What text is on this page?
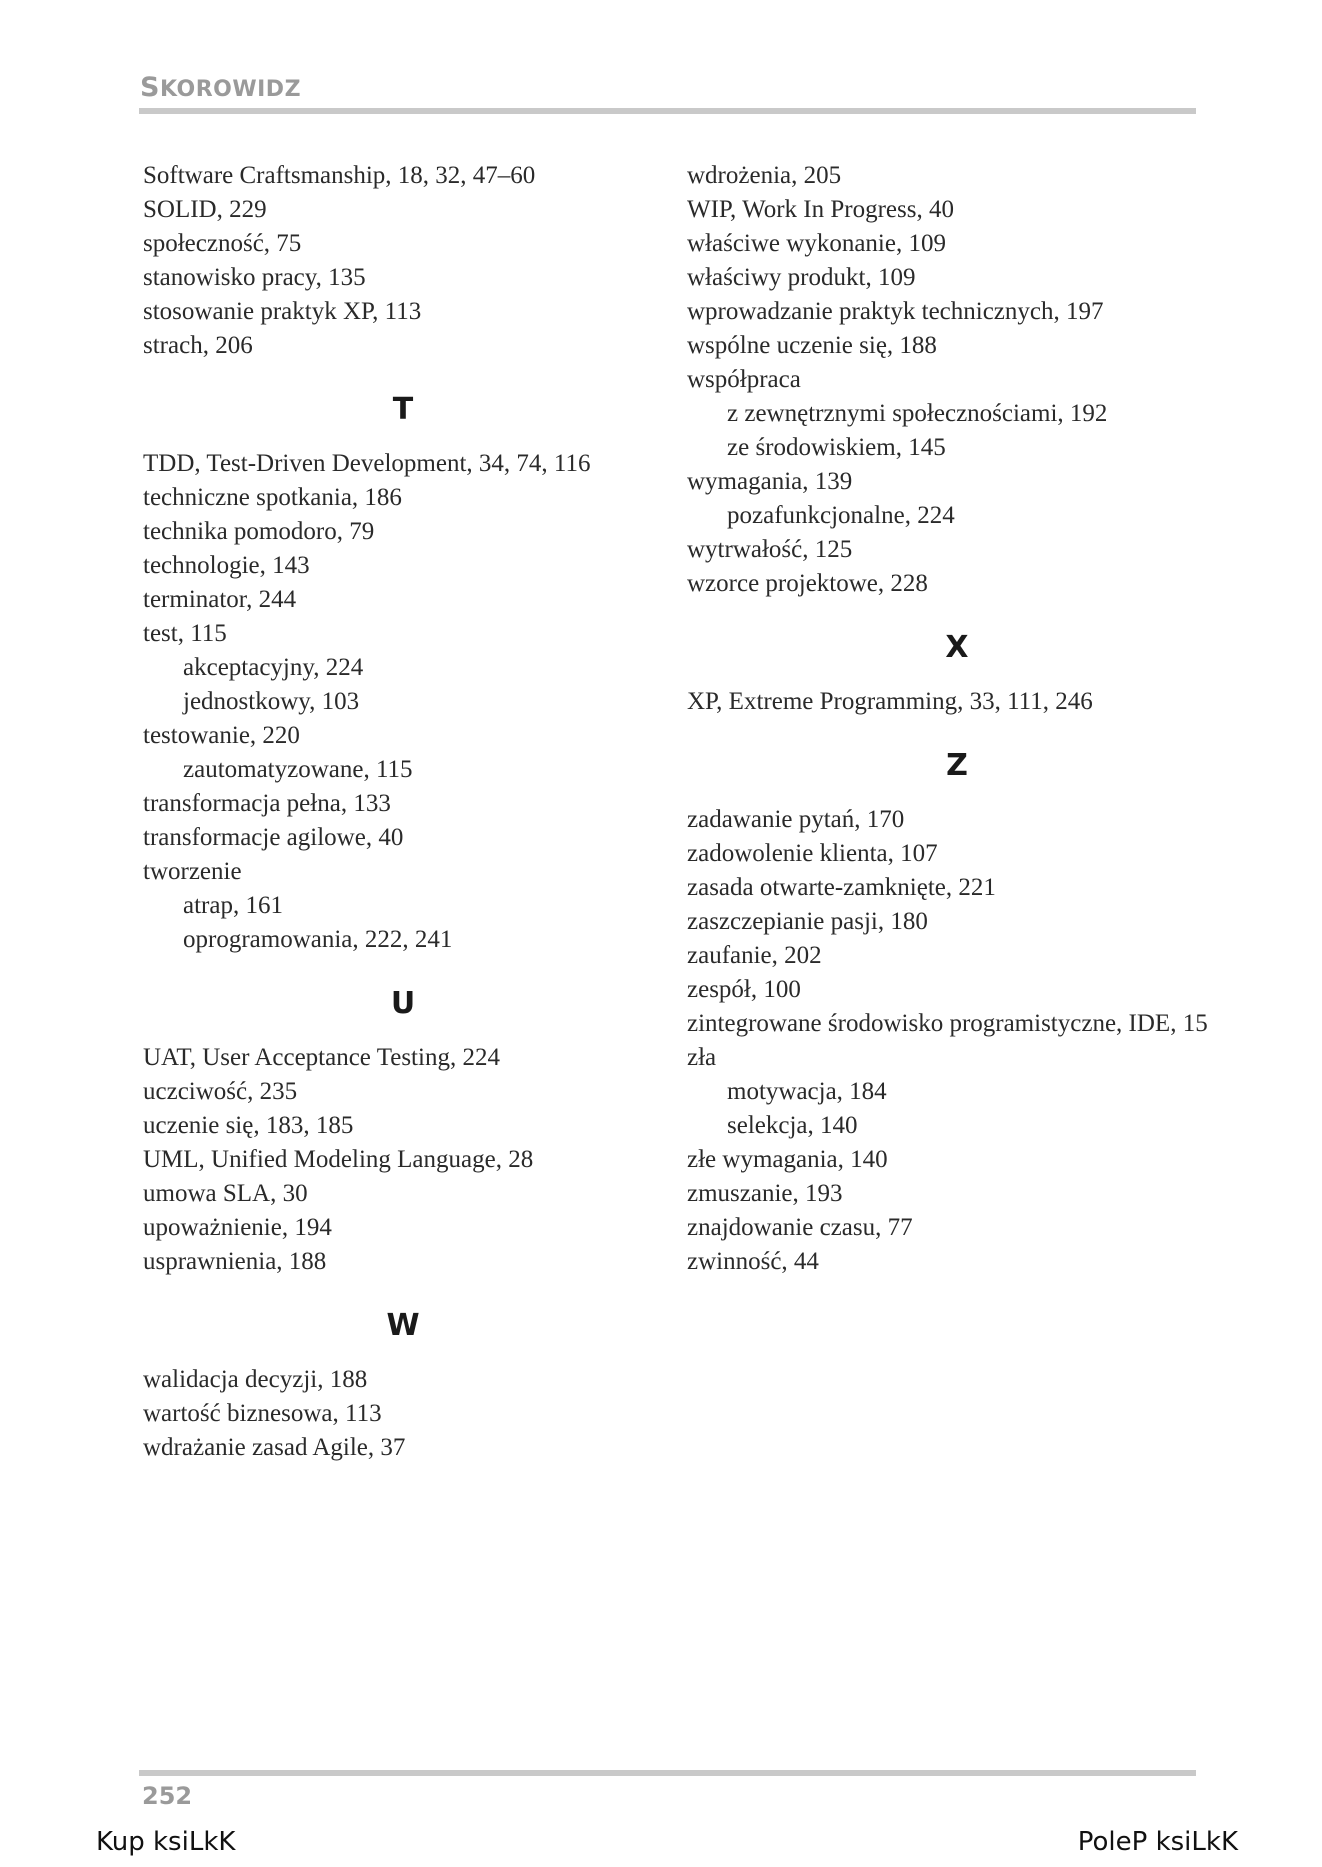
SKOROWIDZ
Software Craftsmanship, 18, 32, 47–60
SOLID, 229
społeczność, 75
stanowisko pracy, 135
stosowanie praktyk XP, 113
strach, 206
T
TDD, Test-Driven Development, 34, 74, 116
techniczne spotkania, 186
technika pomodoro, 79
technologie, 143
terminator, 244
test, 115
akceptacyjny, 224
jednostkowy, 103
testowanie, 220
zautomatyzowane, 115
transformacja pełna, 133
transformacje agilowe, 40
tworzenie
atrap, 161
oprogramowania, 222, 241
U
UAT, User Acceptance Testing, 224
uczciwość, 235
uczenie się, 183, 185
UML, Unified Modeling Language, 28
umowa SLA, 30
upoważnienie, 194
usprawnienia, 188
W
walidacja decyzji, 188
wartość biznesowa, 113
wdrażanie zasad Agile, 37
wdrożenia, 205
WIP, Work In Progress, 40
właściwe wykonanie, 109
właściwy produkt, 109
wprowadzanie praktyk technicznych, 197
wspólne uczenie się, 188
współpraca
z zewnętrznymi społecznościami, 192
ze środowiskiem, 145
wymagania, 139
pozafunkcjonalne, 224
wytrwałość, 125
wzorce projektowe, 228
X
XP, Extreme Programming, 33, 111, 246
Z
zadawanie pytań, 170
zadowolenie klienta, 107
zasada otwarte-zamknięte, 221
zaszczepianie pasji, 180
zaufanie, 202
zespół, 100
zintegrowane środowisko programistyczne, IDE, 15
zła
motywacja, 184
selekcja, 140
złe wymagania, 140
zmuszanie, 193
znajdowanie czasu, 77
zwinność, 44
252
Kup ksiLkK	PoleP ksiLkK
